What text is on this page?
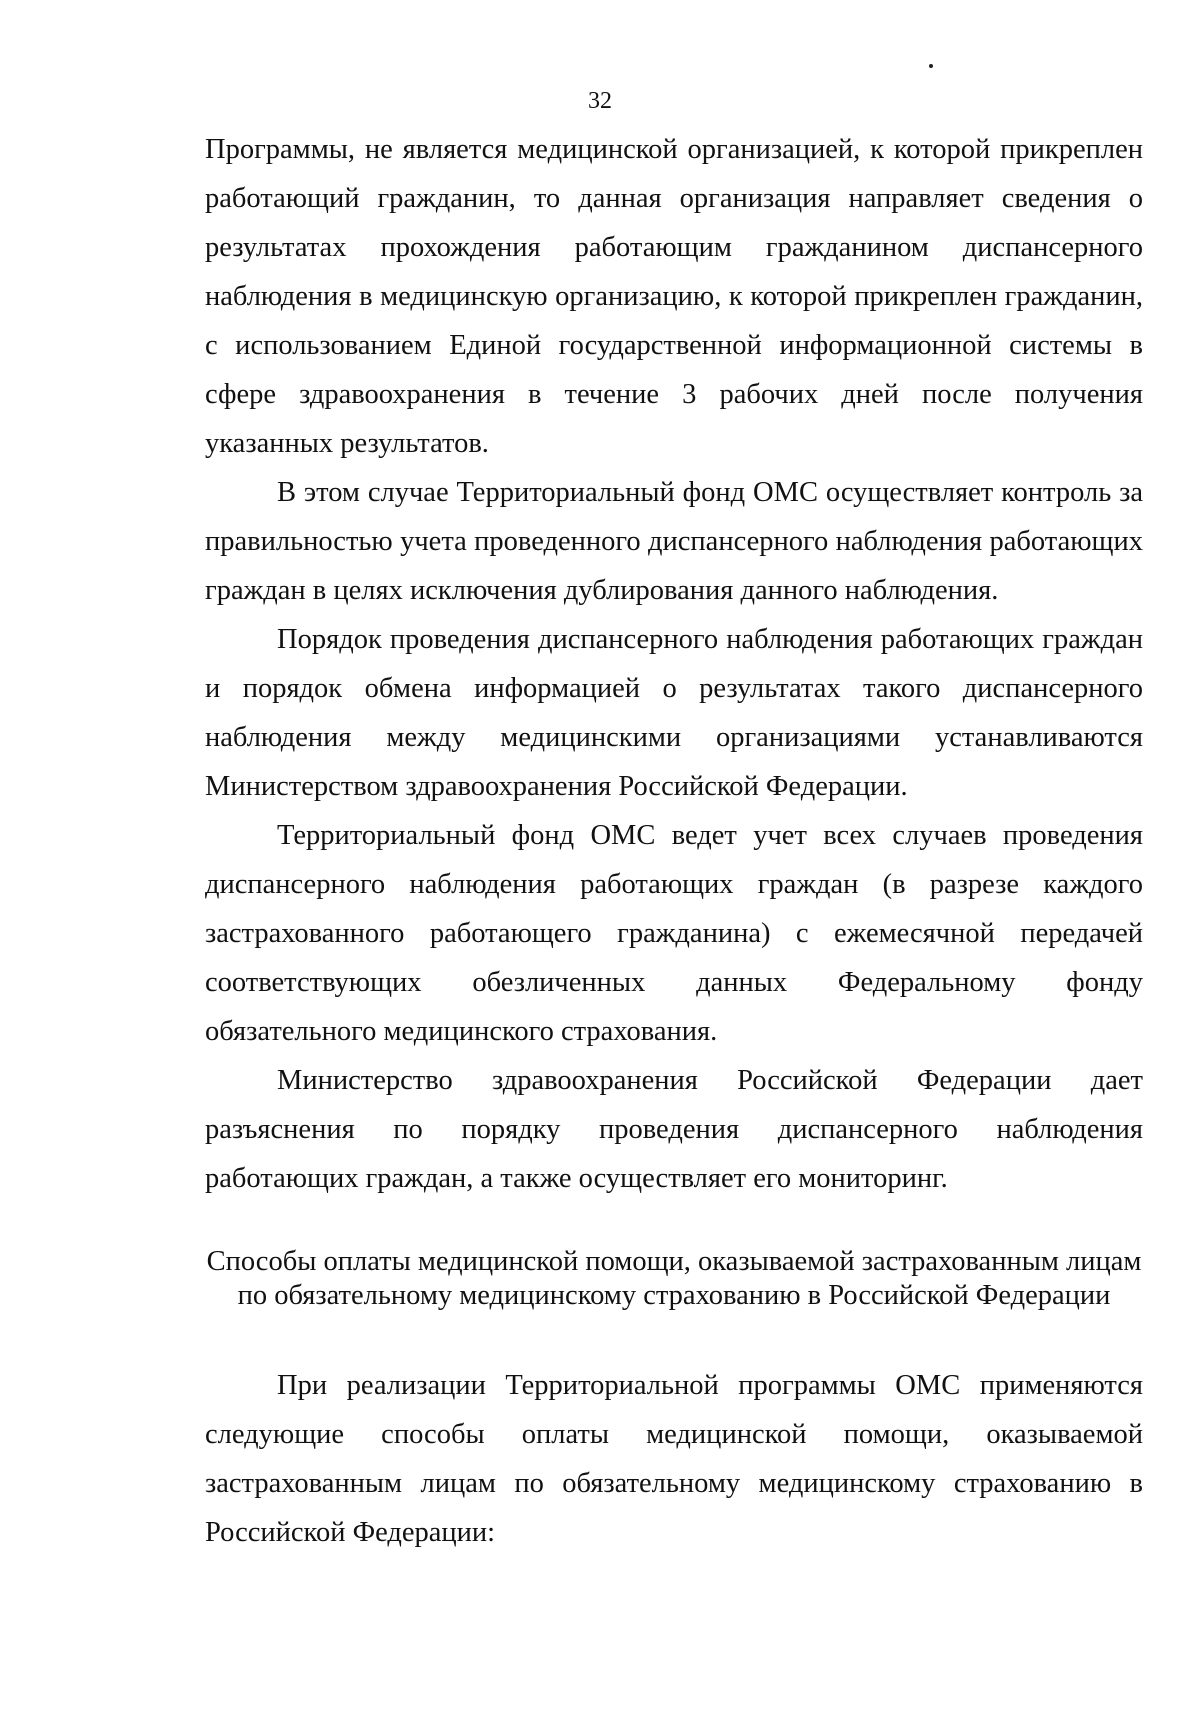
32

Программы, не является медицинской организацией, к которой прикреплен работающий гражданин, то данная организация направляет сведения о результатах прохождения работающим гражданином диспансерного наблюдения в медицинскую организацию, к которой прикреплен гражданин, с использованием Единой государственной информационной системы в сфере здравоохранения в течение 3 рабочих дней после получения указанных результатов.

В этом случае Территориальный фонд ОМС осуществляет контроль за правильностью учета проведенного диспансерного наблюдения работающих граждан в целях исключения дублирования данного наблюдения.

Порядок проведения диспансерного наблюдения работающих граждан и порядок обмена информацией о результатах такого диспансерного наблюдения между медицинскими организациями устанавливаются Министерством здравоохранения Российской Федерации.

Территориальный фонд ОМС ведет учет всех случаев проведения диспансерного наблюдения работающих граждан (в разрезе каждого застрахованного работающего гражданина) с ежемесячной передачей соответствующих обезличенных данных Федеральному фонду обязательного медицинского страхования.

Министерство здравоохранения Российской Федерации дает разъяснения по порядку проведения диспансерного наблюдения работающих граждан, а также осуществляет его мониторинг.

Способы оплаты медицинской помощи, оказываемой застрахованным лицам
по обязательному медицинскому страхованию в Российской Федерации

При реализации Территориальной программы ОМС применяются следующие способы оплаты медицинской помощи, оказываемой застрахованным лицам по обязательному медицинскому страхованию в Российской Федерации:
